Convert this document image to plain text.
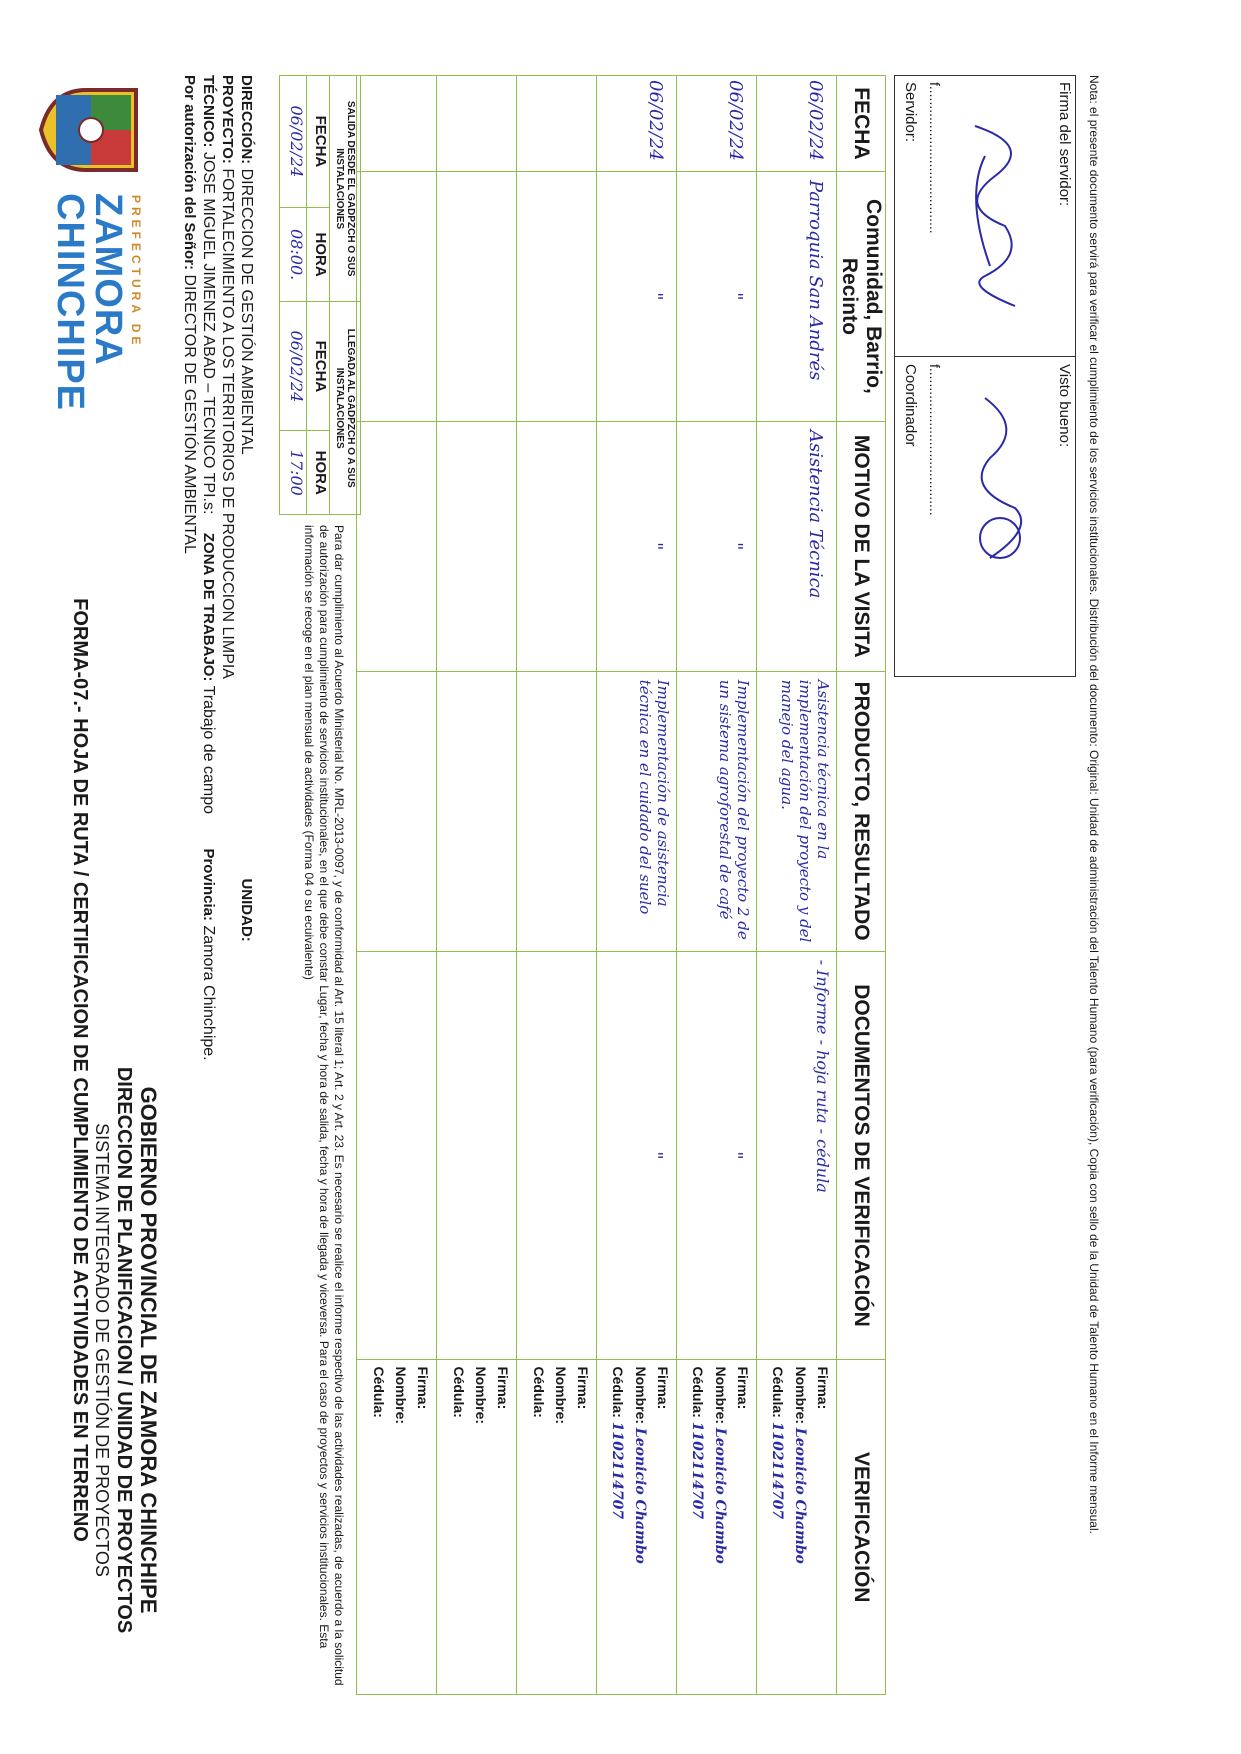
PREFECTURA DE
ZAMORA
CHINCHIPE
GOBIERNO PROVINCIAL DE ZAMORA CHINCHIPE
DIRECCION DE PLANIFICACION / UNIDAD DE PROYECTOS
SISTEMA INTEGRADO DE GESTIÓN DE PROYECTOS
FORMA-07.- HOJA DE RUTA / CERTIFICACION DE CUMPLIMIENTO DE ACTIVIDADES EN TERRENO
DIRECCIÓN: DIRECCION DE GESTIÓN AMBIENTAL UNIDAD:
PROYECTO: FORTALECIMIENTO A LOS TERRITORIOS DE PRODUCCION LIMPIA
TÉCNICO: JOSE MIGUEL JIMENEZ ABAD – TECNICO TPI.s: ZONA DE TRABAJO: Trabajo de campo Provincia: Zamora Chinchipe.
Por autorización del Señor: DIRECTOR DE GESTIÓN AMBIENTAL
SALIDA DESDE EL GADPZCH O SUS INSTALACIONES		LLEGADA AL GADPZCH O A SUS INSTALACIONES	
FECHA	HORA	FECHA	HORA
06/02/24	08:00.	06/02/24	17:00
Para dar cumplimiento al Acuerdo Ministerial No. MRL-2013-0097, y de conformidad al Art. 15 literal 1; Art. 2 y Art. 23. Es necesario se realice el informe respectivo de las actividades realizadas, de acuerdo a la solicitud de autorización para cumplimiento de servicios institucionales, en el que debe constar Lugar, fecha y hora de salida, fecha y hora de llegada y viceversa. Para el caso de proyectos y servicios institucionales. Esta información se recoge en el plan mensual de actividades (Forma 04 o su ecuivalente)
FECHA	Comunidad, Barrio, Recinto	MOTIVO DE LA VISITA	PRODUCTO, RESULTADO	DOCUMENTOS DE VERIFICACIÓN	VERIFICACIÓN
06/02/24	Parroquia San Andrés	Asistencia Técnica	Asistencia técnica en la implementación del proyecto y del manejo del agua.	- Informe - hoja ruta - cédula	Firma:
Nombre: Leonicio Chambo
Cédula: 1102114707

06/02/24	"	"	Implementación del proyecto 2 de un sistema agroforestal de café	"	Firma:
Nombre: Leonicio Chambo
Cédula: 1102114707

06/02/24	"	"	Implementación de asistencia técnica en el cuidado del suelo	"	Firma:
Nombre: Leonicio Chambo
Cédula: 1102114707

					Firma:
Nombre:
Cédula:

					Firma:
Nombre:
Cédula:

					Firma:
Nombre:
Cédula:
Firma del servidor:
f......................................
Servidor:
Visto bueno:
f......................................
Coordinador	Nota: el presente documento servirá para verificar el cumplimiento de los servicios institucionales. Distribución del documento: Original: Unidad de administración del Talento Humano (para verificación), Copia con sello de la Unidad de Talento Humano en el Informe mensual.
